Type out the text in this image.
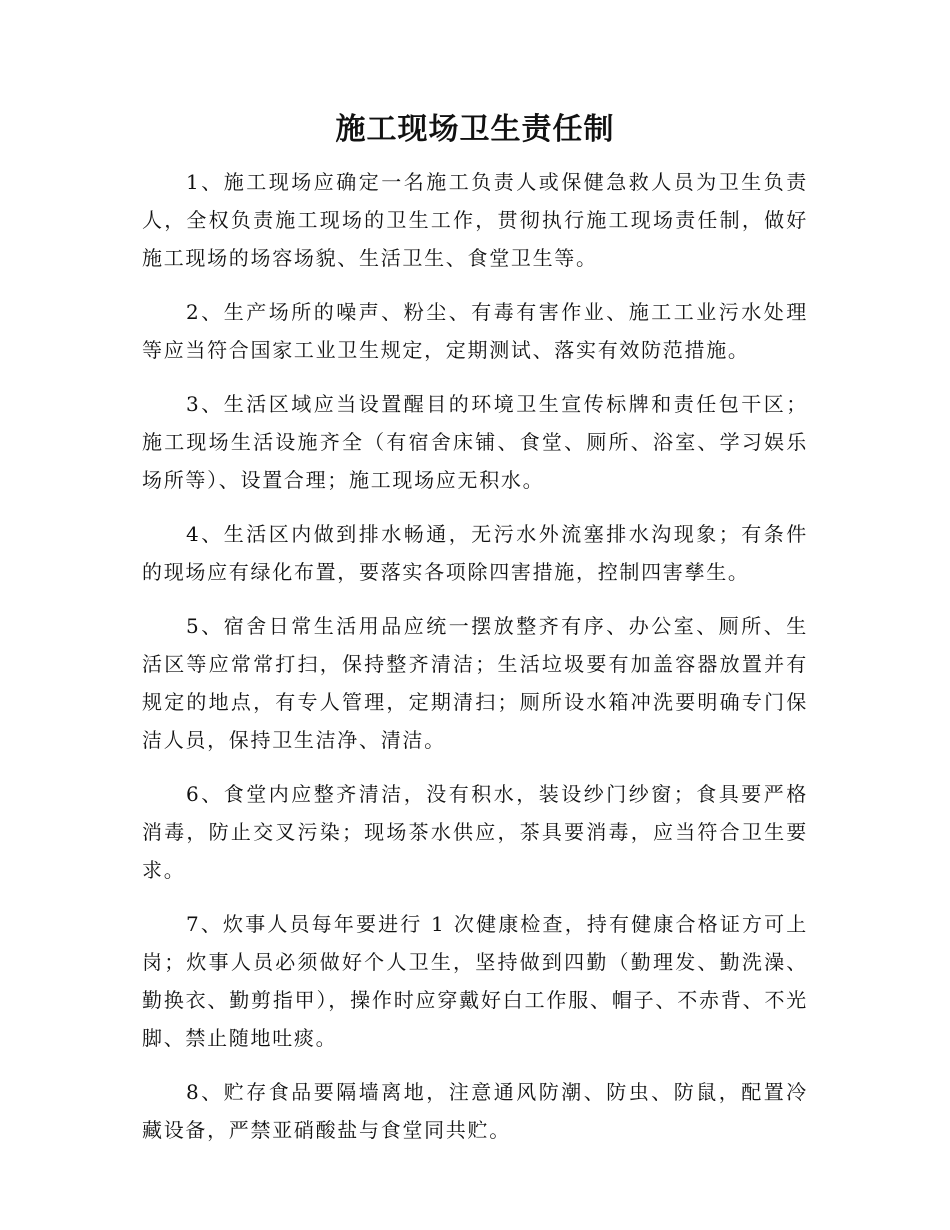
施工现场卫生责任制

1、施工现场应确定一名施工负责人或保健急救人员为卫生负责人，全权负责施工现场的卫生工作，贯彻执行施工现场责任制，做好施工现场的场容场貌、生活卫生、食堂卫生等。

2、生产场所的噪声、粉尘、有毒有害作业、施工工业污水处理等应当符合国家工业卫生规定，定期测试、落实有效防范措施。

3、生活区域应当设置醒目的环境卫生宣传标牌和责任包干区；施工现场生活设施齐全（有宿舍床铺、食堂、厕所、浴室、学习娱乐场所等）、设置合理；施工现场应无积水。

4、生活区内做到排水畅通，无污水外流塞排水沟现象；有条件的现场应有绿化布置，要落实各项除四害措施，控制四害孳生。

5、宿舍日常生活用品应统一摆放整齐有序、办公室、厕所、生活区等应常常打扫，保持整齐清洁；生活垃圾要有加盖容器放置并有规定的地点，有专人管理，定期清扫；厕所设水箱冲洗要明确专门保洁人员，保持卫生洁净、清洁。

6、食堂内应整齐清洁，没有积水，装设纱门纱窗；食具要严格消毒，防止交叉污染；现场茶水供应，茶具要消毒，应当符合卫生要求。

7、炊事人员每年要进行 1 次健康检查，持有健康合格证方可上岗；炊事人员必须做好个人卫生，坚持做到四勤（勤理发、勤洗澡、勤换衣、勤剪指甲），操作时应穿戴好白工作服、帽子、不赤背、不光脚、禁止随地吐痰。

8、贮存食品要隔墙离地，注意通风防潮、防虫、防鼠，配置冷藏设备，严禁亚硝酸盐与食堂同共贮。
